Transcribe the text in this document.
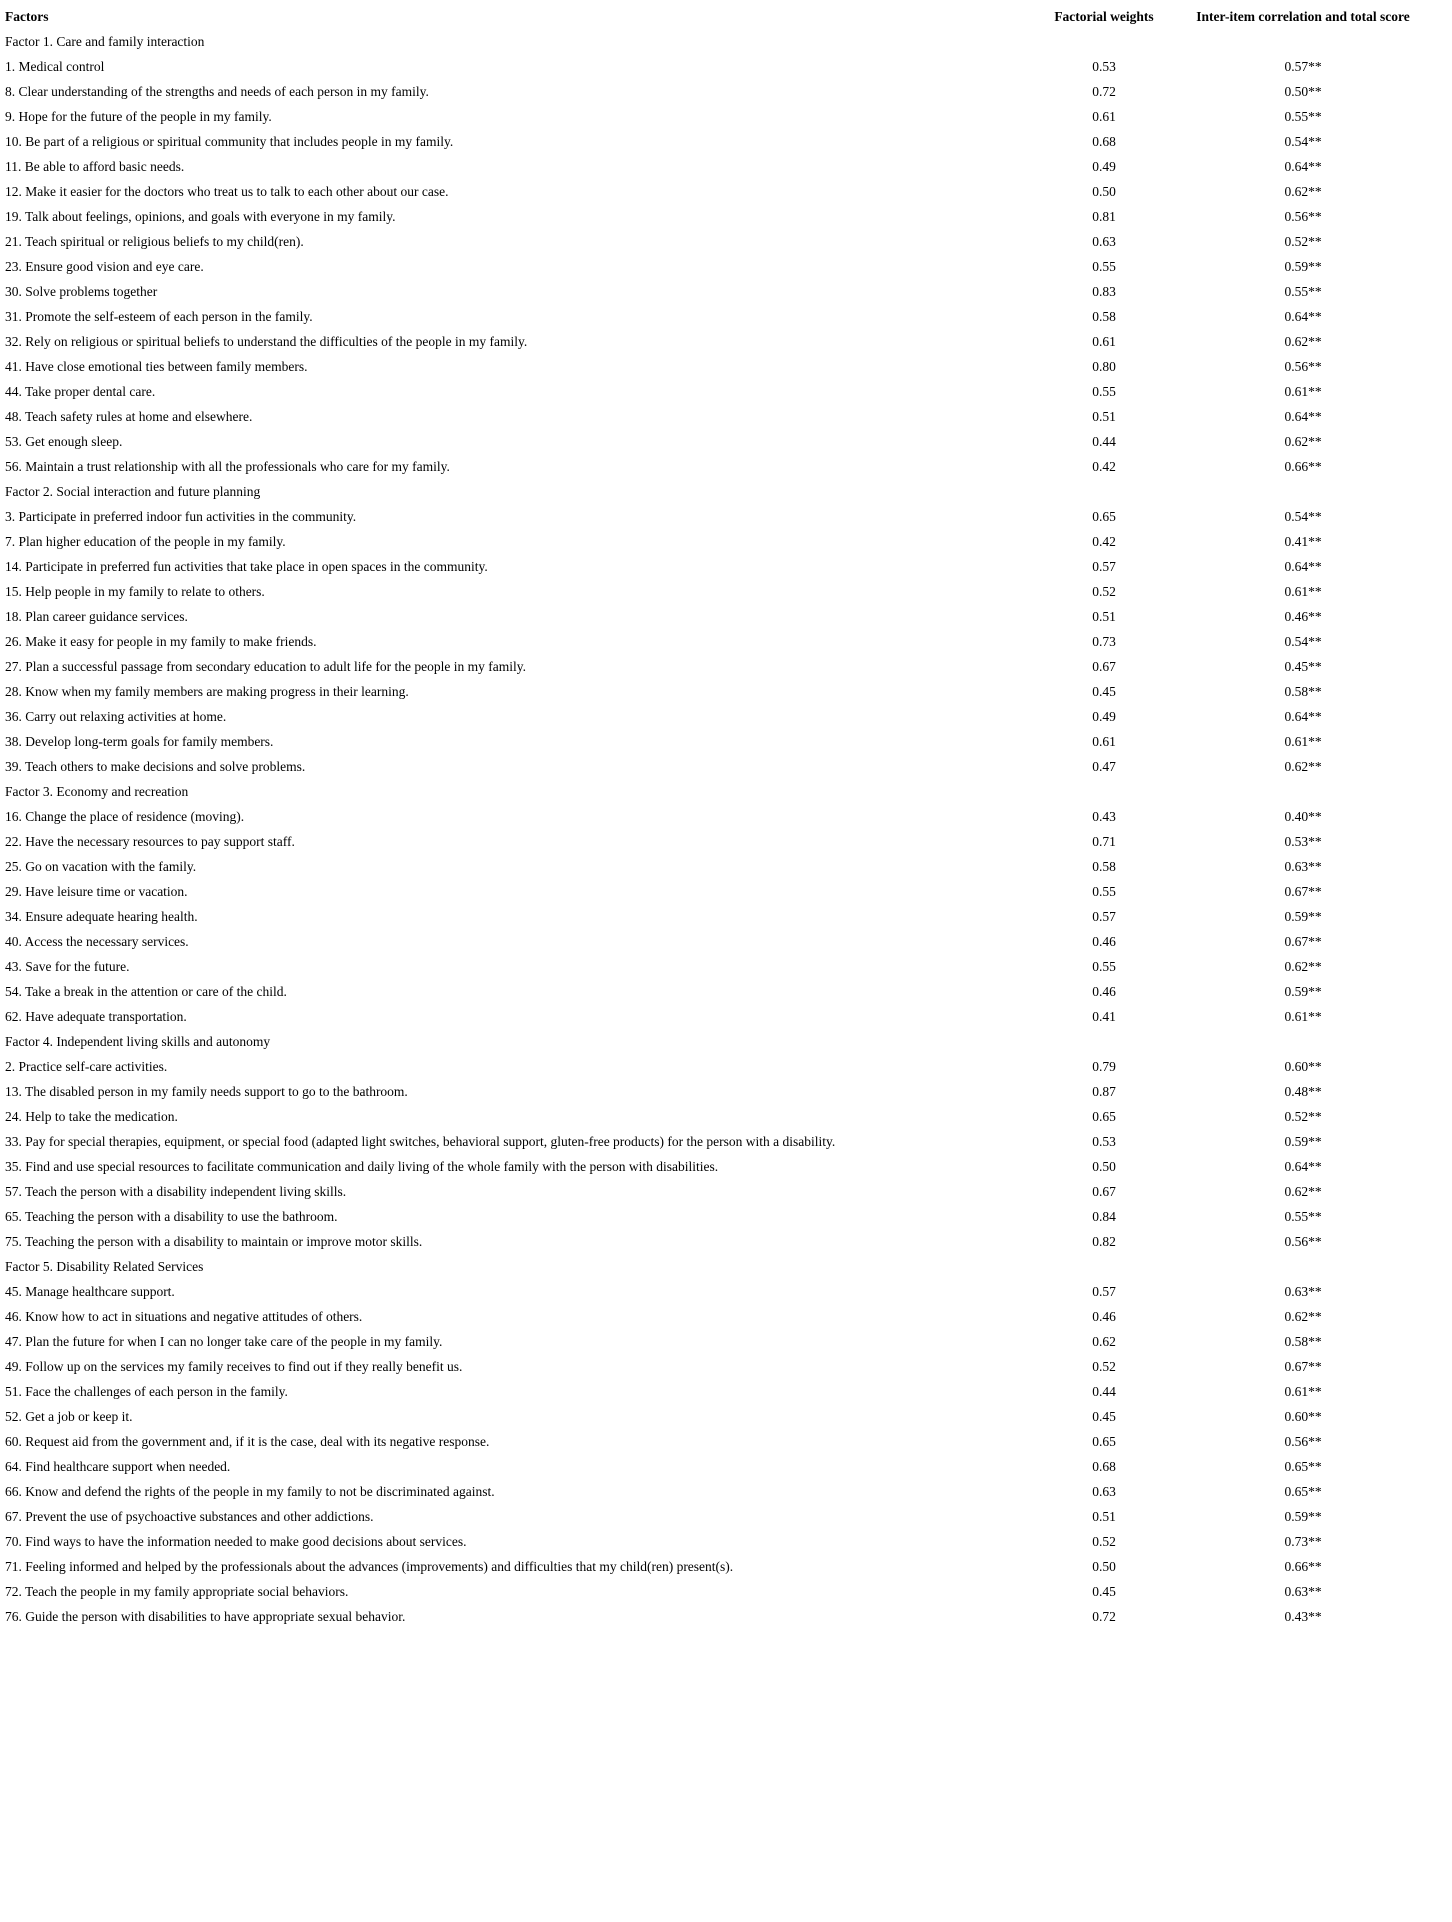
Factors	Factorial weights	Inter-item correlation and total score
Factor 1. Care and family interaction
1. Medical control	0.53	0.57**
8. Clear understanding of the strengths and needs of each person in my family.	0.72	0.50**
9. Hope for the future of the people in my family.	0.61	0.55**
10. Be part of a religious or spiritual community that includes people in my family.	0.68	0.54**
11. Be able to afford basic needs.	0.49	0.64**
12. Make it easier for the doctors who treat us to talk to each other about our case.	0.50	0.62**
19. Talk about feelings, opinions, and goals with everyone in my family.	0.81	0.56**
21. Teach spiritual or religious beliefs to my child(ren).	0.63	0.52**
23. Ensure good vision and eye care.	0.55	0.59**
30. Solve problems together	0.83	0.55**
31. Promote the self-esteem of each person in the family.	0.58	0.64**
32. Rely on religious or spiritual beliefs to understand the difficulties of the people in my family.	0.61	0.62**
41. Have close emotional ties between family members.	0.80	0.56**
44. Take proper dental care.	0.55	0.61**
48. Teach safety rules at home and elsewhere.	0.51	0.64**
53. Get enough sleep.	0.44	0.62**
56. Maintain a trust relationship with all the professionals who care for my family.	0.42	0.66**
Factor 2. Social interaction and future planning
3. Participate in preferred indoor fun activities in the community.	0.65	0.54**
7. Plan higher education of the people in my family.	0.42	0.41**
14. Participate in preferred fun activities that take place in open spaces in the community.	0.57	0.64**
15. Help people in my family to relate to others.	0.52	0.61**
18. Plan career guidance services.	0.51	0.46**
26. Make it easy for people in my family to make friends.	0.73	0.54**
27. Plan a successful passage from secondary education to adult life for the people in my family.	0.67	0.45**
28. Know when my family members are making progress in their learning.	0.45	0.58**
36. Carry out relaxing activities at home.	0.49	0.64**
38. Develop long-term goals for family members.	0.61	0.61**
39. Teach others to make decisions and solve problems.	0.47	0.62**
Factor 3. Economy and recreation
16. Change the place of residence (moving).	0.43	0.40**
22. Have the necessary resources to pay support staff.	0.71	0.53**
25. Go on vacation with the family.	0.58	0.63**
29. Have leisure time or vacation.	0.55	0.67**
34. Ensure adequate hearing health.	0.57	0.59**
40. Access the necessary services.	0.46	0.67**
43. Save for the future.	0.55	0.62**
54. Take a break in the attention or care of the child.	0.46	0.59**
62. Have adequate transportation.	0.41	0.61**
Factor 4. Independent living skills and autonomy
2. Practice self-care activities.	0.79	0.60**
13. The disabled person in my family needs support to go to the bathroom.	0.87	0.48**
24. Help to take the medication.	0.65	0.52**
33. Pay for special therapies, equipment, or special food (adapted light switches, behavioral support, gluten-free products) for the person with a disability.	0.53	0.59**
35. Find and use special resources to facilitate communication and daily living of the whole family with the person with disabilities.	0.50	0.64**
57. Teach the person with a disability independent living skills.	0.67	0.62**
65. Teaching the person with a disability to use the bathroom.	0.84	0.55**
75. Teaching the person with a disability to maintain or improve motor skills.	0.82	0.56**
Factor 5. Disability Related Services
45. Manage healthcare support.	0.57	0.63**
46. Know how to act in situations and negative attitudes of others.	0.46	0.62**
47. Plan the future for when I can no longer take care of the people in my family.	0.62	0.58**
49. Follow up on the services my family receives to find out if they really benefit us.	0.52	0.67**
51. Face the challenges of each person in the family.	0.44	0.61**
52. Get a job or keep it.	0.45	0.60**
60. Request aid from the government and, if it is the case, deal with its negative response.	0.65	0.56**
64. Find healthcare support when needed.	0.68	0.65**
66. Know and defend the rights of the people in my family to not be discriminated against.	0.63	0.65**
67. Prevent the use of psychoactive substances and other addictions.	0.51	0.59**
70. Find ways to have the information needed to make good decisions about services.	0.52	0.73**
71. Feeling informed and helped by the professionals about the advances (improvements) and difficulties that my child(ren) present(s).	0.50	0.66**
72. Teach the people in my family appropriate social behaviors.	0.45	0.63**
76. Guide the person with disabilities to have appropriate sexual behavior.	0.72	0.43**
